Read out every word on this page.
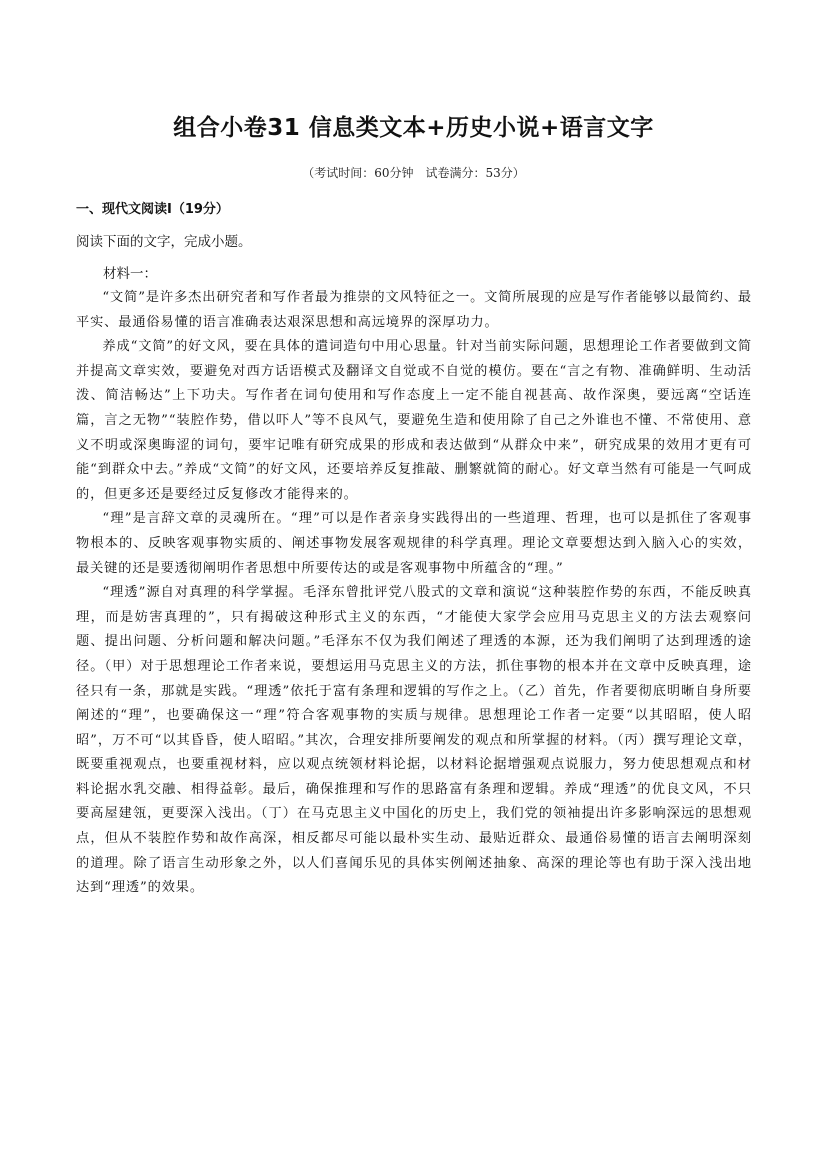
组合小卷31 信息类文本+历史小说+语言文字
（考试时间：60分钟　试卷满分：53分）
一、现代文阅读Ⅰ（19分）
阅读下面的文字，完成小题。
材料一：

“文简”是许多杰出研究者和写作者最为推崇的文风特征之一。文简所展现的应是写作者能够以最简约、最平实、最通俗易懂的语言准确表达艰深思想和高远境界的深厚功力。

养成“文简”的好文风，要在具体的遣词造句中用心思量。针对当前实际问题，思想理论工作者要做到文简并提高文章实效，要避免对西方话语模式及翻译文自觉或不自觉的模仿。要在“言之有物、准确鲜明、生动活泼、简洁畅达”上下功夫。写作者在词句使用和写作态度上一定不能自视甚高、故作深奥，要远离“空话连篇，言之无物”“装腔作势，借以吓人”等不良风气，要避免生造和使用除了自己之外谁也不懂、不常使用、意义不明或深奥晦涩的词句，要牢记唯有研究成果的形成和表达做到“从群众中来”，研究成果的效用才更有可能“到群众中去。”养成“文简”的好文风，还要培养反复推敲、删繁就简的耐心。好文章当然有可能是一气呵成的，但更多还是要经过反复修改才能得来的。

“理”是言辞文章的灵魂所在。“理”可以是作者亲身实践得出的一些道理、哲理，也可以是抓住了客观事物根本的、反映客观事物实质的、阐述事物发展客观规律的科学真理。理论文章要想达到入脑入心的实效，最关键的还是要透彻阐明作者思想中所要传达的或是客观事物中所蕴含的“理。”

“理透”源自对真理的科学掌握。毛泽东曾批评党八股式的文章和演说“这种装腔作势的东西，不能反映真理，而是妨害真理的”，只有揭破这种形式主义的东西，“才能使大家学会应用马克思主义的方法去观察问题、提出问题、分析问题和解决问题。”毛泽东不仅为我们阐述了理透的本源，还为我们阐明了达到理透的途径。（甲）对于思想理论工作者来说，要想运用马克思主义的方法，抓住事物的根本并在文章中反映真理，途径只有一条，那就是实践。“理透”依托于富有条理和逻辑的写作之上。（乙）首先，作者要彻底明晰自身所要阐述的“理”，也要确保这一“理”符合客观事物的实质与规律。思想理论工作者一定要“以其昭昭，使人昭昭”，万不可“以其昏昏，使人昭昭。”其次，合理安排所要阐发的观点和所掌握的材料。（丙）撰写理论文章，既要重视观点，也要重视材料，应以观点统领材料论据，以材料论据增强观点说服力，努力使思想观点和材料论据水乳交融、相得益彰。最后，确保推理和写作的思路富有条理和逻辑。养成“理透”的优良文风，不只要高屋建瓴，更要深入浅出。（丁）在马克思主义中国化的历史上，我们党的领袖提出许多影响深远的思想观点，但从不装腔作势和故作高深，相反都尽可能以最朴实生动、最贴近群众、最通俗易懂的语言去阐明深刻的道理。除了语言生动形象之外，以人们喜闻乐见的具体实例阐述抽象、高深的理论等也有助于深入浅出地达到“理透”的效果。
